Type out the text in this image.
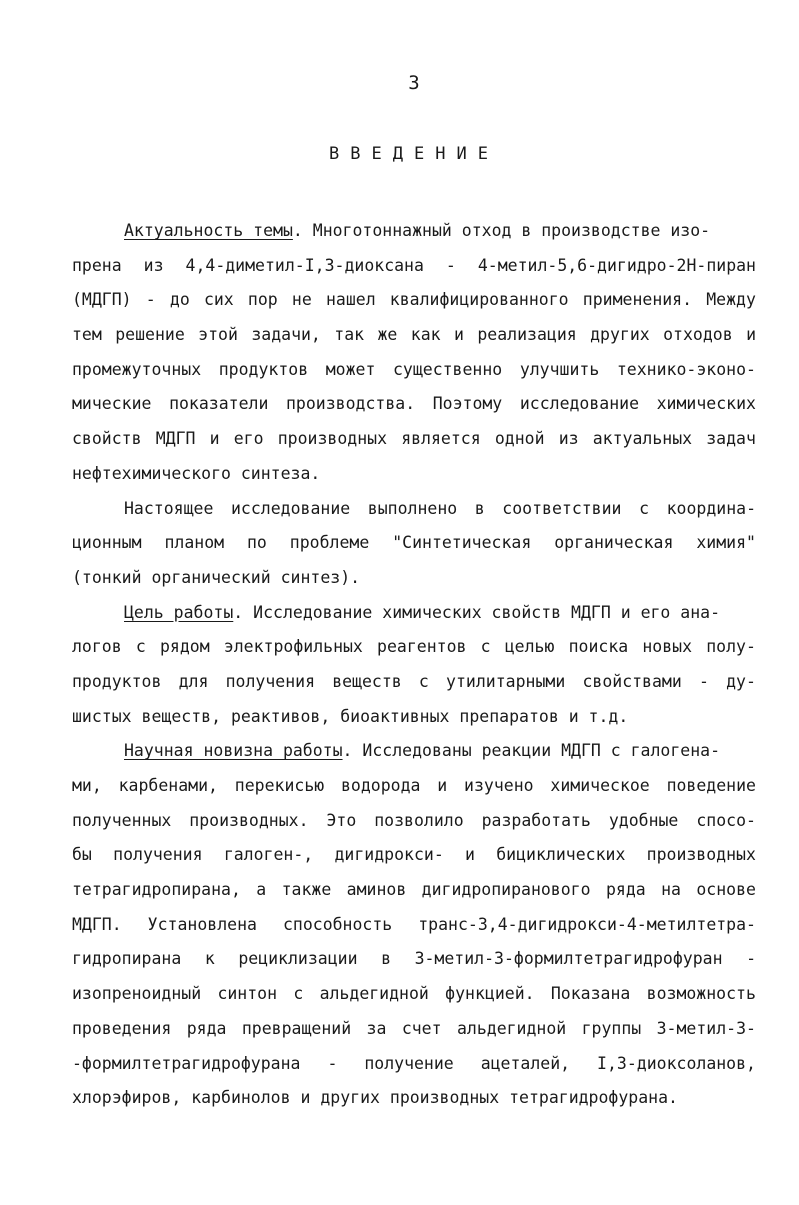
3
ВВЕДЕНИЕ
Актуальность темы. Многотоннажный отход в производстве изо-
прена из 4,4-диметил-I,3-диоксана - 4-метил-5,6-дигидро-2Н-пиран
(МДГП) - до сих пор не нашел квалифицированного применения. Между
тем решение этой задачи, так же как и реализация других отходов и
промежуточных продуктов может существенно улучшить технико-эконо-
мические показатели производства. Поэтому исследование химических
свойств МДГП и его производных является одной из актуальных задач
нефтехимического синтеза.
Настоящее исследование выполнено в соответствии с координа-
ционным планом по проблеме "Синтетическая органическая химия"
(тонкий органический синтез).
Цель работы. Исследование химических свойств МДГП и его ана-
логов с рядом электрофильных реагентов с целью поиска новых полу-
продуктов для получения веществ с утилитарными свойствами - ду-
шистых веществ, реактивов, биоактивных препаратов и т.д.
Научная новизна работы. Исследованы реакции МДГП с галогена-
ми, карбенами, перекисью водорода и изучено химическое поведение
полученных производных. Это позволило разработать удобные спосо-
бы получения галоген-, дигидрокси- и бициклических производных
тетрагидропирана, а также аминов дигидропиранового ряда на основе
МДГП. Установлена способность транс-3,4-дигидрокси-4-метилтетра-
гидропирана к рециклизации в 3-метил-3-формилтетрагидрофуран -
изопреноидный синтон с альдегидной функцией. Показана возможность
проведения ряда превращений за счет альдегидной группы 3-метил-3-
-формилтетрагидрофурана - получение ацеталей, I,3-диоксоланов,
хлорэфиров, карбинолов и других производных тетрагидрофурана.
